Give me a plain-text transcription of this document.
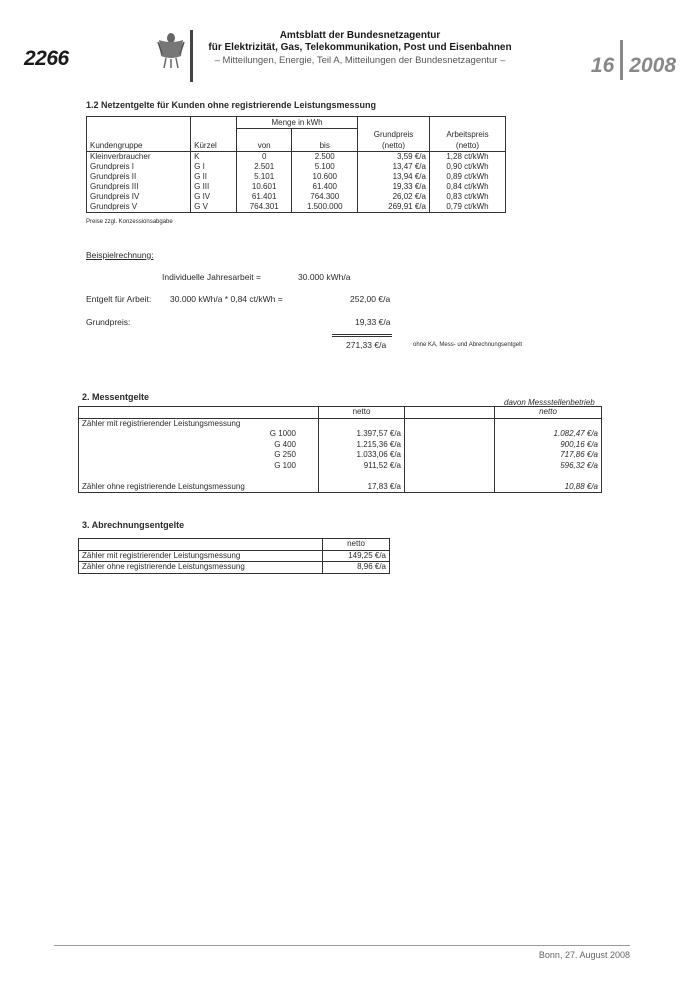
2266
Amtsblatt der Bundesnetzagentur
für Elektrizität, Gas, Telekommunikation, Post und Eisenbahnen
– Mitteilungen, Energie, Teil A, Mitteilungen der Bundesnetzagentur –	16 2008
1.2 Netzentgelte für Kunden ohne registrierende Leistungsmessung
		Menge in kWh			
				Grundpreis	Arbeitspreis
Kundengruppe	Kürzel	von	bis	(netto)	(netto)
Kleinverbraucher	K	0	2.500	3,59 €/a	1,28 ct/kWh
Grundpreis I	G I	2.501	5.100	13,47 €/a	0,90 ct/kWh
Grundpreis II	G II	5.101	10.600	13,94 €/a	0,89 ct/kWh
Grundpreis III	G III	10.601	61.400	19,33 €/a	0,84 ct/kWh
Grundpreis IV	G IV	61.401	764.300	26,02 €/a	0,83 ct/kWh
Grundpreis V	G V	764.301	1.500.000	269,91 €/a	0,79 ct/kWh
Preise zzgl. Konzessionsabgabe
Beispielrechnung:
Individuelle Jahresarbeit =	30.000 kWh/a
Entgelt für Arbeit: 30.000 kWh/a * 0,84 ct/kWh =	252,00 €/a
Grundpreis:	19,33 €/a
271,33 €/a	ohne KA, Mess- und Abrechnungsentgelt
2. Messentgelte
davon Messstellenbetrieb
	netto		netto
Zähler mit registrierender Leistungsmessung			
G 1000	1.397,57 €/a		1.082,47 €/a
G 400	1.215,36 €/a		900,16 €/a
G 250	1.033,06 €/a		717,86 €/a
G 100	911,52 €/a		596,32 €/a

Zähler ohne registrierende Leistungsmessung	17,83 €/a		10,88 €/a
3. Abrechnungsentgelte
	netto
Zähler mit registrierender Leistungsmessung	149,25 €/a
Zähler ohne registrierende Leistungsmessung	8,96 €/a
Bonn, 27. August 2008
